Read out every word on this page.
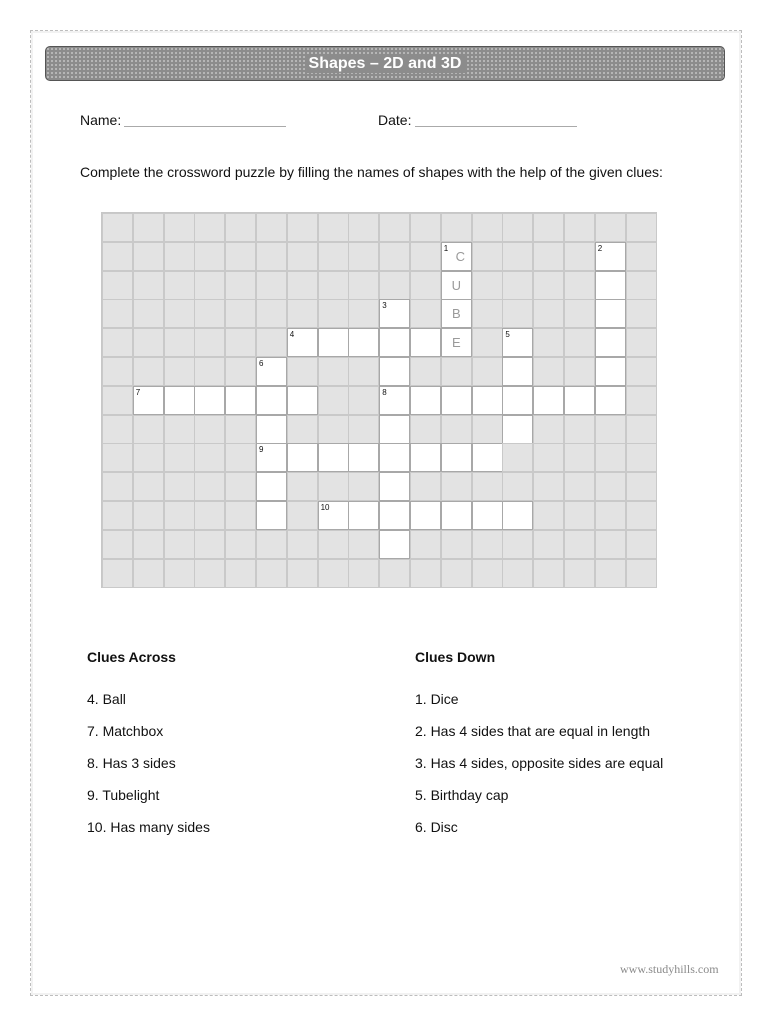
Shapes – 2D and 3D
Name:	Date:
Complete the crossword puzzle by filling the names of shapes with the help of the given clues:
1
C
2
U
3
B
4
E
5
6
7	8
9
10
Clues Across	Clues Down
4. Ball
7. Matchbox
8. Has 3 sides
9. Tubelight
10. Has many sides
1. Dice
2. Has 4 sides that are equal in length
3. Has 4 sides, opposite sides are equal
5. Birthday cap
6. Disc
www.studyhills.com
